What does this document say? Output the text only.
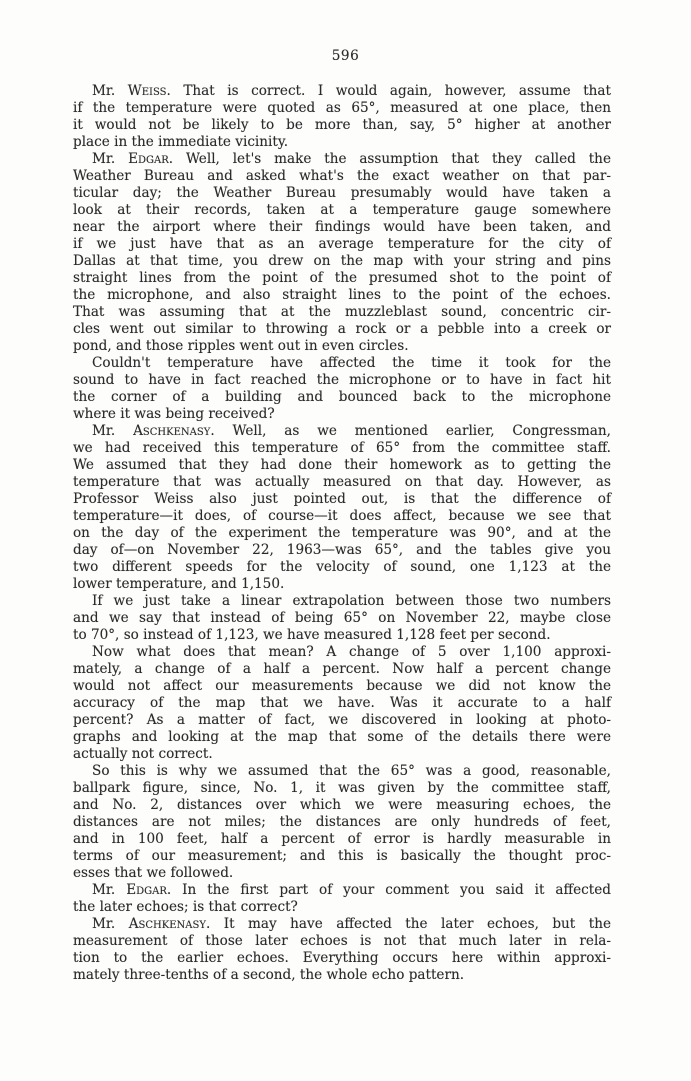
596
Mr. Weiss. That is correct. I would again, however, assume that
if the temperature were quoted as 65°, measured at one place, then
it would not be likely to be more than, say, 5° higher at another
place in the immediate vicinity.
Mr. Edgar. Well, let's make the assumption that they called the
Weather Bureau and asked what's the exact weather on that par-
ticular day; the Weather Bureau presumably would have taken a
look at their records, taken at a temperature gauge somewhere
near the airport where their findings would have been taken, and
if we just have that as an average temperature for the city of
Dallas at that time, you drew on the map with your string and pins
straight lines from the point of the presumed shot to the point of
the microphone, and also straight lines to the point of the echoes.
That was assuming that at the muzzleblast sound, concentric cir-
cles went out similar to throwing a rock or a pebble into a creek or
pond, and those ripples went out in even circles.
Couldn't temperature have affected the time it took for the
sound to have in fact reached the microphone or to have in fact hit
the corner of a building and bounced back to the microphone
where it was being received?
Mr. Aschkenasy. Well, as we mentioned earlier, Congressman,
we had received this temperature of 65° from the committee staff.
We assumed that they had done their homework as to getting the
temperature that was actually measured on that day. However, as
Professor Weiss also just pointed out, is that the difference of
temperature—it does, of course—it does affect, because we see that
on the day of the experiment the temperature was 90°, and at the
day of—on November 22, 1963—was 65°, and the tables give you
two different speeds for the velocity of sound, one 1,123 at the
lower temperature, and 1,150.
If we just take a linear extrapolation between those two numbers
and we say that instead of being 65° on November 22, maybe close
to 70°, so instead of 1,123, we have measured 1,128 feet per second.
Now what does that mean? A change of 5 over 1,100 approxi-
mately, a change of a half a percent. Now half a percent change
would not affect our measurements because we did not know the
accuracy of the map that we have. Was it accurate to a half
percent? As a matter of fact, we discovered in looking at photo-
graphs and looking at the map that some of the details there were
actually not correct.
So this is why we assumed that the 65° was a good, reasonable,
ballpark figure, since, No. 1, it was given by the committee staff,
and No. 2, distances over which we were measuring echoes, the
distances are not miles; the distances are only hundreds of feet,
and in 100 feet, half a percent of error is hardly measurable in
terms of our measurement; and this is basically the thought proc-
esses that we followed.
Mr. Edgar. In the first part of your comment you said it affected
the later echoes; is that correct?
Mr. Aschkenasy. It may have affected the later echoes, but the
measurement of those later echoes is not that much later in rela-
tion to the earlier echoes. Everything occurs here within approxi-
mately three-tenths of a second, the whole echo pattern.
